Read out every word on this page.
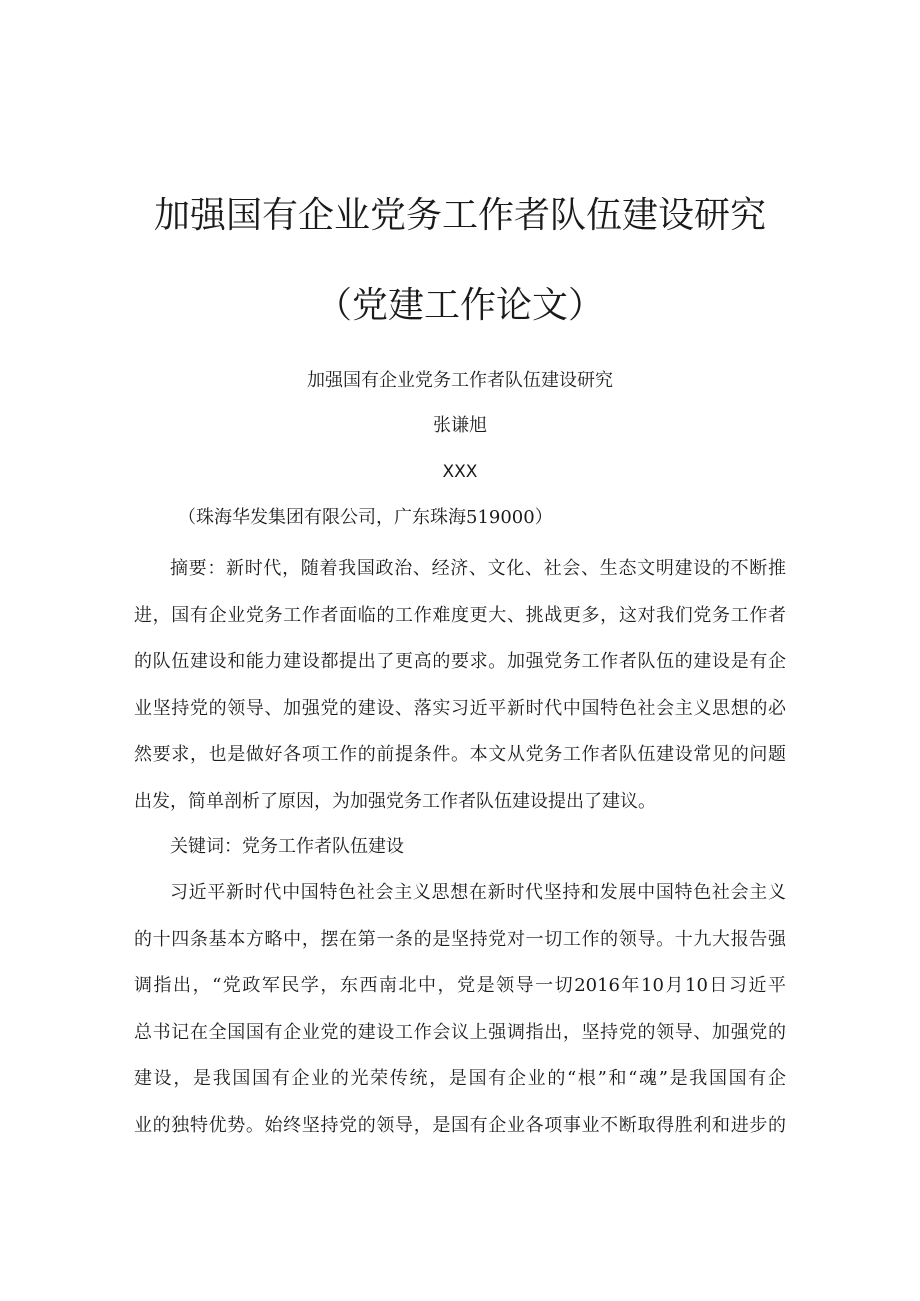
加强国有企业党务工作者队伍建设研究
（党建工作论文）
加强国有企业党务工作者队伍建设研究
张谦旭
XXX
（珠海华发集团有限公司，广东珠海519000）
摘要：新时代，随着我国政治、经济、文化、社会、生态文明建设的不断推
进，国有企业党务工作者面临的工作难度更大、挑战更多，这对我们党务工作者
的队伍建设和能力建设都提出了更高的要求。加强党务工作者队伍的建设是有企
业坚持党的领导、加强党的建设、落实习近平新时代中国特色社会主义思想的必
然要求，也是做好各项工作的前提条件。本文从党务工作者队伍建设常见的问题
出发，简单剖析了原因，为加强党务工作者队伍建设提出了建议。
关键词：党务工作者队伍建设
习近平新时代中国特色社会主义思想在新时代坚持和发展中国特色社会主义
的十四条基本方略中，摆在第一条的是坚持党对一切工作的领导。十九大报告强
调指出，“党政军民学，东西南北中，党是领导一切2016年10月10日习近平
总书记在全国国有企业党的建设工作会议上强调指出，坚持党的领导、加强党的
建设，是我国国有企业的光荣传统，是国有企业的“根”和“魂”是我国国有企
业的独特优势。始终坚持党的领导，是国有企业各项事业不断取得胜利和进步的
